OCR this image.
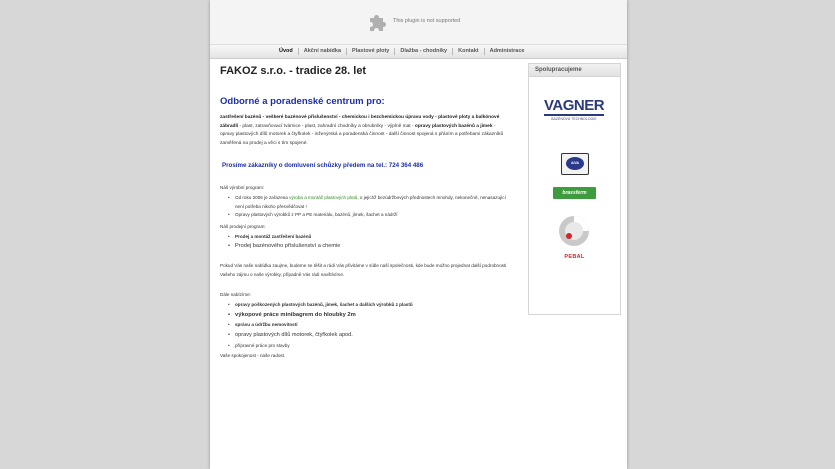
This plugin is not supported
Úvod	Akční nabídka	Plastové ploty	Dlažba - chodníky	Kontakt	Administrace
FAKOZ s.r.o. - tradice 28. let
Odborné a poradenské centrum pro:
zastřešení bazénů - veškeré bazénové příslušenství - chemickou i bezchemickou úpravu vody - plastové ploty a balkónové zábradlí - plast, zatravňovací tvárnice - plast, zahradní chodníky a obrubníky - výplně mat - opravy plastových bazénů a jímek - opravy plastových dílů motorek a čtyřkolek - inženýrská a poradenská činnost - další činnost spojená s přáním a potřebami zákazníků zaměřená na prodej a věci s tím spojené.
Prosíme zákazníky o domluvení schůzky předem na tel.: 724 364 486
Náš výrobní program:
• Od roku 2006 je zařazena výroba a montáž plastových plotů, o jejichž bezúdržbových přednostech mnohdy, nekonečně, nenasazující není potřeba nikoho přesvědčovat !
• Opravy plastových výrobků z PP a PE materiálu, bazénů, jímek, šachet a nádrží
Náš prodejní program:
• Prodej a montáž zastřešení bazénů
• Prodej bazénového příslušenství a chemie
Pokud Vás naše nabídka zaujme, budeme se těšit a rádi Vás přivítáme v sídle naší společnosti, kde bude možno projednat další podrobnosti Vašeho zájmu o naše výrobky, případně Vás rádi navštívíme.
Dále nabízíme:
• opravy poškozených plastových bazénů, jímek, šachet a dalších výrobků z plastů
• výkopové práce minibagrem do hloubky 2m
• správu a údržbu nemovitostí
• opravy plastových dílů motorek, čtyřkolek apod.
• přípravné práce pro stavby
Vaše spokojenost - naše radost.
Spolupracujeme
VAGNER
BAZÉNOVÁ TECHNOLOGIE
AIVA
brassferm
PEBAL
